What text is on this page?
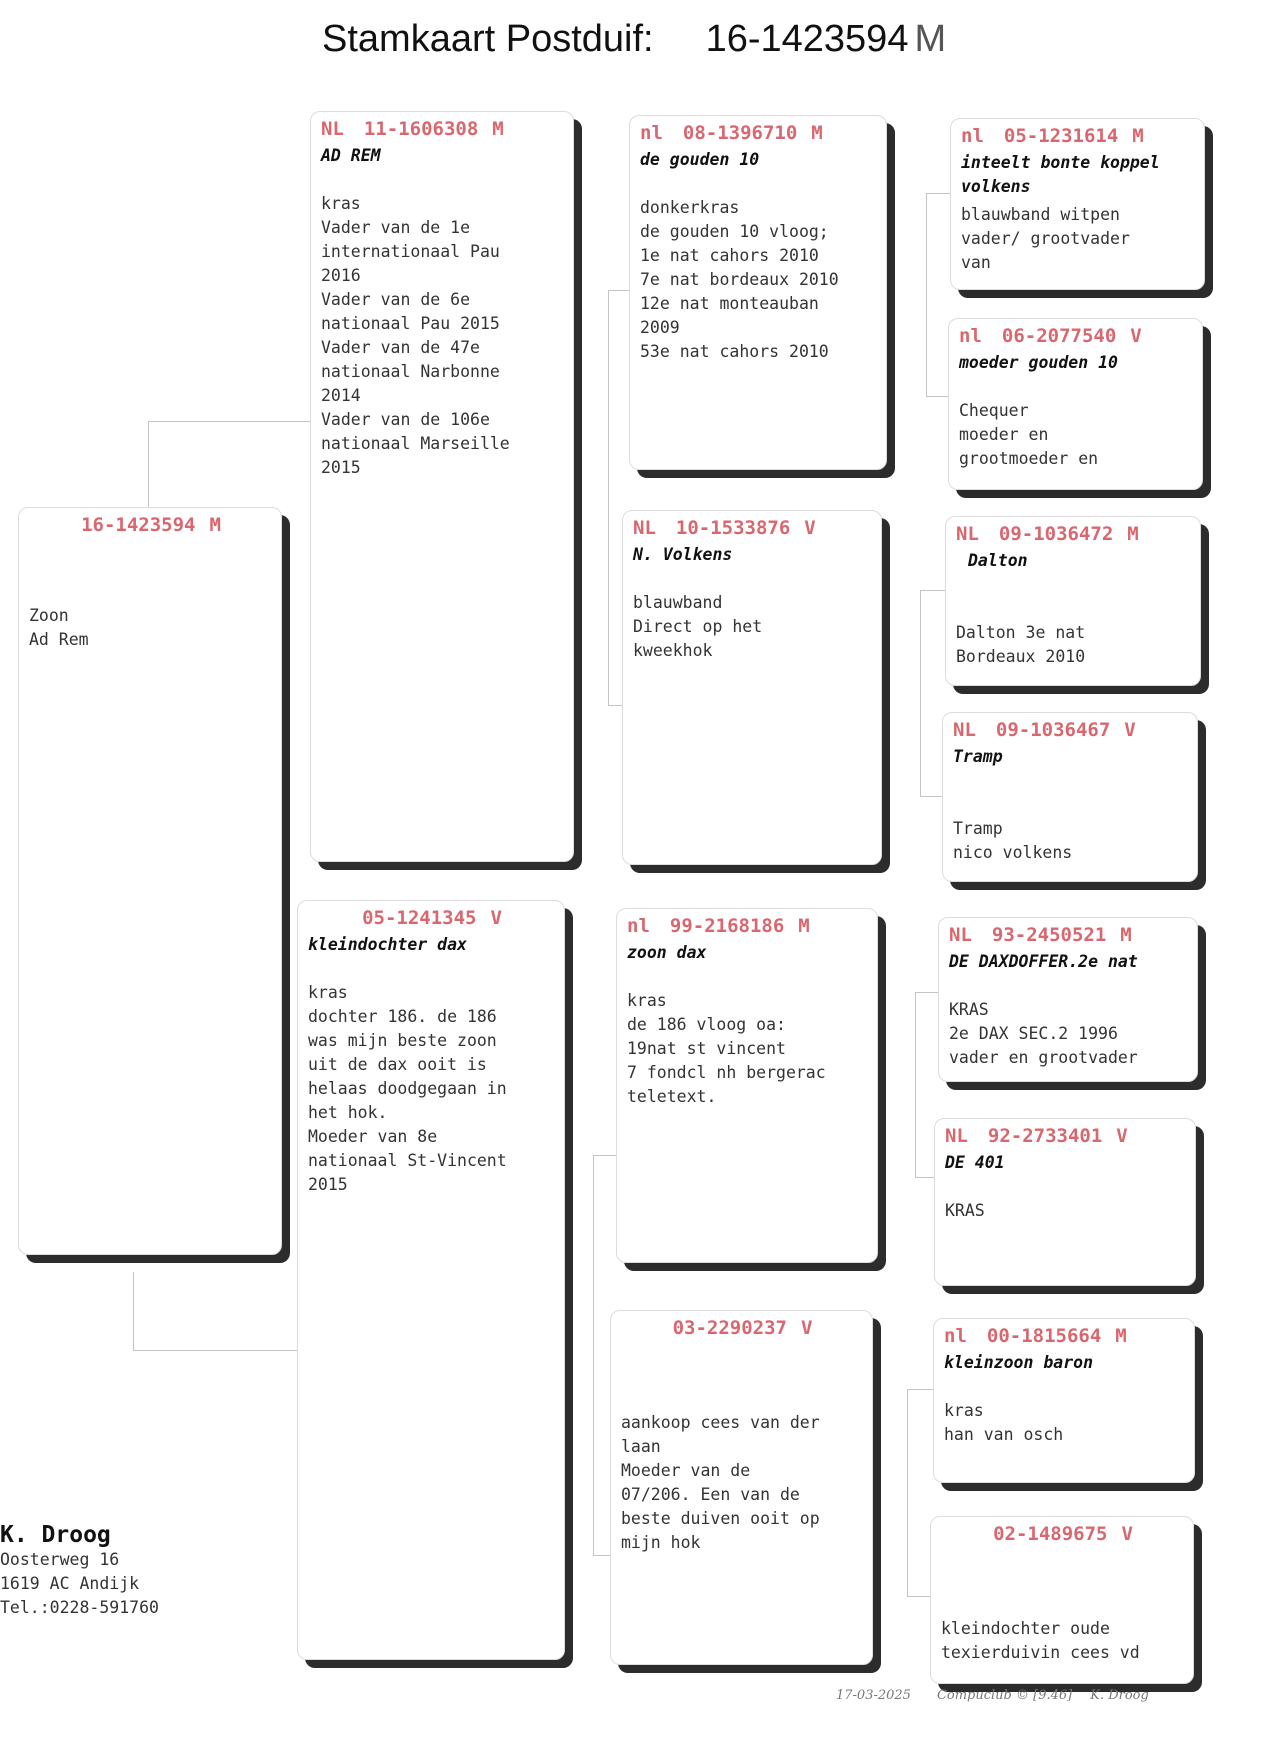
Stamkaart Postduif: 16-1423594 M
16-1423594 M
Zoon
Ad Rem
NL 11-1606308 M
AD REM
kras
Vader van de 1e
internationaal Pau
2016
Vader van de 6e
nationaal Pau 2015
Vader van de 47e
nationaal Narbonne
2014
Vader van de 106e
nationaal Marseille
2015
05-1241345 V
kleindochter dax
kras
dochter 186. de 186
was mijn beste zoon
uit de dax ooit is
helaas doodgegaan in
het hok.
Moeder van 8e
nationaal St-Vincent
2015
nl 08-1396710 M
de gouden 10
donkerkras
de gouden 10 vloog;
1e nat cahors 2010
7e nat bordeaux 2010
12e nat monteauban
2009
53e nat cahors 2010
NL 10-1533876 V
N. Volkens
blauwband
Direct op het
kweekhok
nl 99-2168186 M
zoon dax
kras
de 186 vloog oa:
19nat st vincent
7 fondcl nh bergerac
teletext.
03-2290237 V
aankoop cees van der
laan
Moeder van de
07/206. Een van de
beste duiven ooit op
mijn hok
nl 05-1231614 M
inteelt bonte koppel volkens
blauwband witpen
vader/ grootvader
van
nl 06-2077540 V
moeder gouden 10
Chequer
moeder en
grootmoeder en
NL 09-1036472 M
Dalton
Dalton 3e nat
Bordeaux 2010
NL 09-1036467 V
Tramp
Tramp
nico volkens
NL 93-2450521 M
DE DAXDOFFER.2e nat
KRAS
2e DAX SEC.2 1996
vader en grootvader
NL 92-2733401 V
DE 401
KRAS
nl 00-1815664 M
kleinzoon baron
kras
han van osch
02-1489675 V
kleindochter oude
texierduivin cees vd
K. Droog
Oosterweg 16
1619 AC Andijk
Tel.:0228-591760
17-03-2025 Compuclub © [9.46] K. Droog
